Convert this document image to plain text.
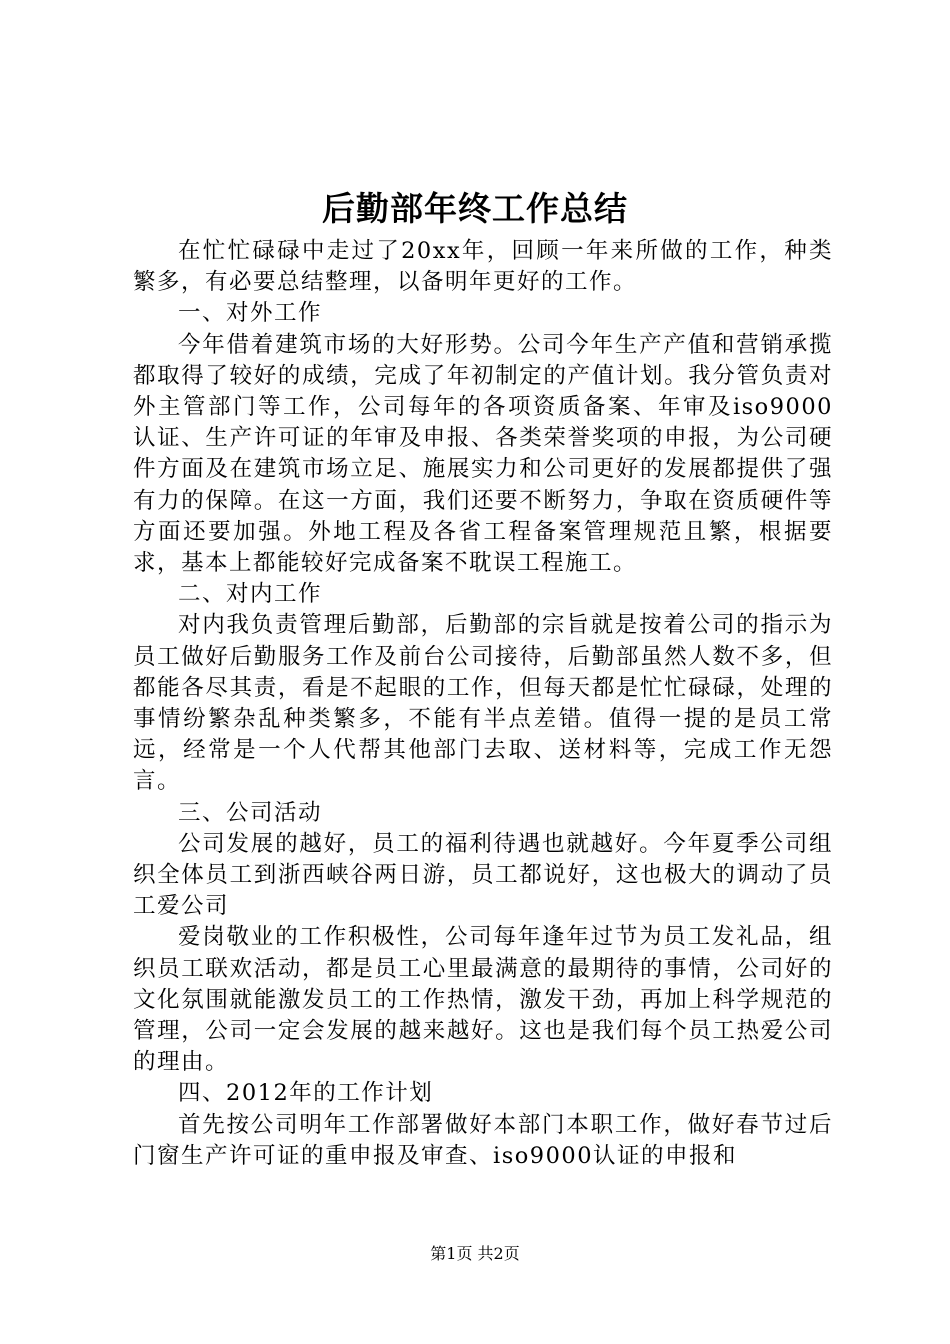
后勤部年终工作总结

在忙忙碌碌中走过了20xx年，回顾一年来所做的工作，种类繁多，有必要总结整理，以备明年更好的工作。

一、对外工作

今年借着建筑市场的大好形势。公司今年生产产值和营销承揽都取得了较好的成绩，完成了年初制定的产值计划。我分管负责对外主管部门等工作，公司每年的各项资质备案、年审及iso9000认证、生产许可证的年审及申报、各类荣誉奖项的申报，为公司硬件方面及在建筑市场立足、施展实力和公司更好的发展都提供了强有力的保障。在这一方面，我们还要不断努力，争取在资质硬件等方面还要加强。外地工程及各省工程备案管理规范且繁，根据要求，基本上都能较好完成备案不耽误工程施工。

二、对内工作

对内我负责管理后勤部，后勤部的宗旨就是按着公司的指示为员工做好后勤服务工作及前台公司接待，后勤部虽然人数不多，但都能各尽其责，看是不起眼的工作，但每天都是忙忙碌碌，处理的事情纷繁杂乱种类繁多，不能有半点差错。值得一提的是员工常远，经常是一个人代帮其他部门去取、送材料等，完成工作无怨言。

三、公司活动

公司发展的越好，员工的福利待遇也就越好。今年夏季公司组织全体员工到浙西峡谷两日游，员工都说好，这也极大的调动了员工爱公司

爱岗敬业的工作积极性，公司每年逢年过节为员工发礼品，组织员工联欢活动，都是员工心里最满意的最期待的事情，公司好的文化氛围就能激发员工的工作热情，激发干劲，再加上科学规范的管理，公司一定会发展的越来越好。这也是我们每个员工热爱公司的理由。

四、2012年的工作计划

首先按公司明年工作部署做好本部门本职工作，做好春节过后门窗生产许可证的重申报及审查、iso9000认证的申报和

第1页 共2页
